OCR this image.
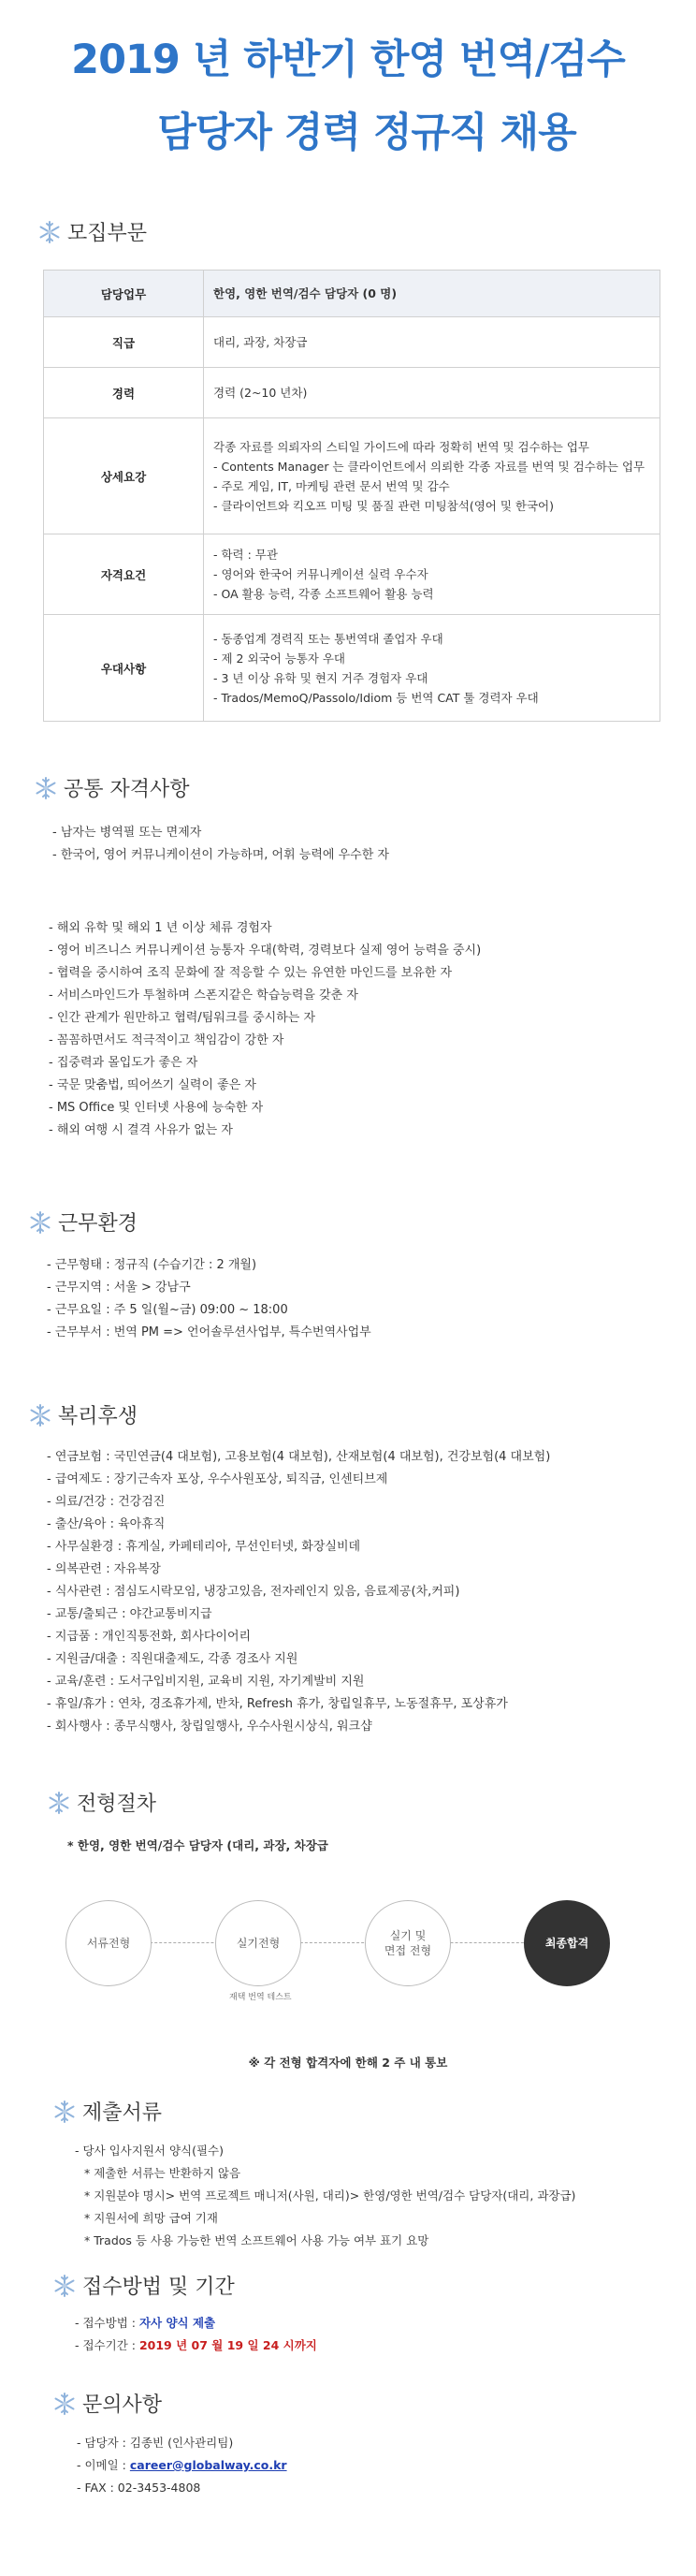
2019 년 하반기 한영 번역/검수
담당자 경력 정규직 채용
모집부문
담당업무	한영, 영한 번역/검수 담당자 (0 명)
직급	대리, 과장, 차장급
경력	경력 (2~10 년차)
상세요강	각종 자료를 의뢰자의 스티일 가이드에 따라 정확히 번역 및 검수하는 업무
- Contents Manager 는 클라이언트에서 의뢰한 각종 자료를 번역 및 검수하는 업무
- 주로 게임, IT, 마케팅 관련 문서 번역 및 감수
- 클라이언트와 킥오프 미팅 및 품질 관련 미팅참석(영어 및 한국어)

자격요건	- 학력 : 무관
- 영어와 한국어 커뮤니케이션 실력 우수자
- OA 활용 능력, 각종 소프트웨어 활용 능력

우대사항	- 동종업계 경력직 또는 통번역대 졸업자 우대
- 제 2 외국어 능통자 우대
- 3 년 이상 유학 및 현지 거주 경험자 우대
- Trados/MemoQ/Passolo/Idiom 등 번역 CAT 툴 경력자 우대
공통 자격사항
- 남자는 병역필 또는 면제자
- 한국어, 영어 커뮤니케이션이 가능하며, 어휘 능력에 우수한 자
- 해외 유학 및 해외 1 년 이상 체류 경험자
- 영어 비즈니스 커뮤니케이션 능통자 우대(학력, 경력보다 실제 영어 능력을 중시)
- 협력을 중시하여 조직 문화에 잘 적응할 수 있는 유연한 마인드를 보유한 자
- 서비스마인드가 투철하며 스폰지같은 학습능력을 갖춘 자
- 인간 관계가 원만하고 협력/팀워크를 중시하는 자
- 꼼꼼하면서도 적극적이고 책임감이 강한 자
- 집중력과 몰입도가 좋은 자
- 국문 맞춤법, 띄어쓰기 실력이 좋은 자
- MS Office 및 인터넷 사용에 능숙한 자
- 해외 여행 시 결격 사유가 없는 자
근무환경
- 근무형태 : 정규직 (수습기간 : 2 개월)
- 근무지역 : 서울 > 강남구
- 근무요일 : 주 5 일(월~금) 09:00 ~ 18:00
- 근무부서 : 번역 PM => 언어솔루션사업부, 특수번역사업부
복리후생
- 연금보험 : 국민연금(4 대보험), 고용보험(4 대보험), 산재보험(4 대보험), 건강보험(4 대보험)
- 급여제도 : 장기근속자 포상, 우수사원포상, 퇴직금, 인센티브제
- 의료/건강 : 건강검진
- 출산/육아 : 육아휴직
- 사무실환경 : 휴게실, 카페테리아, 무선인터넷, 화장실비데
- 의복관련 : 자유복장
- 식사관련 : 점심도시락모임, 냉장고있음, 전자레인지 있음, 음료제공(차,커피)
- 교통/출퇴근 : 야간교통비지급
- 지급품 : 개인직통전화, 회사다이어리
- 지원금/대출 : 직원대출제도, 각종 경조사 지원
- 교육/훈련 : 도서구입비지원, 교육비 지원, 자기계발비 지원
- 휴일/휴가 : 연차, 경조휴가제, 반차, Refresh 휴가, 창립일휴무, 노동절휴무, 포상휴가
- 회사행사 : 종무식행사, 창립일행사, 우수사원시상식, 워크샵
전형절차
* 한영, 영한 번역/검수 담당자 (대리, 과장, 차장급
서류전형	실기전형
재택 번역 테스트
실기 및
면접 전형
최종합격
※ 각 전형 합격자에 한해 2 주 내 통보
제출서류
- 당사 입사지원서 양식(필수)
* 제출한 서류는 반환하지 않음
* 지원분야 명시> 번역 프로젝트 매니저(사원, 대리)> 한영/영한 번역/검수 담당자(대리, 과장급)
* 지원서에 희망 급여 기재
* Trados 등 사용 가능한 번역 소프트웨어 사용 가능 여부 표기 요망
접수방법 및 기간
- 접수방법 : 자사 양식 제출
- 접수기간 : 2019 년 07 월 19 일 24 시까지
문의사항
- 담당자 : 김종빈 (인사관리팀)
- 이메일 : career@globalway.co.kr
- FAX : 02-3453-4808
